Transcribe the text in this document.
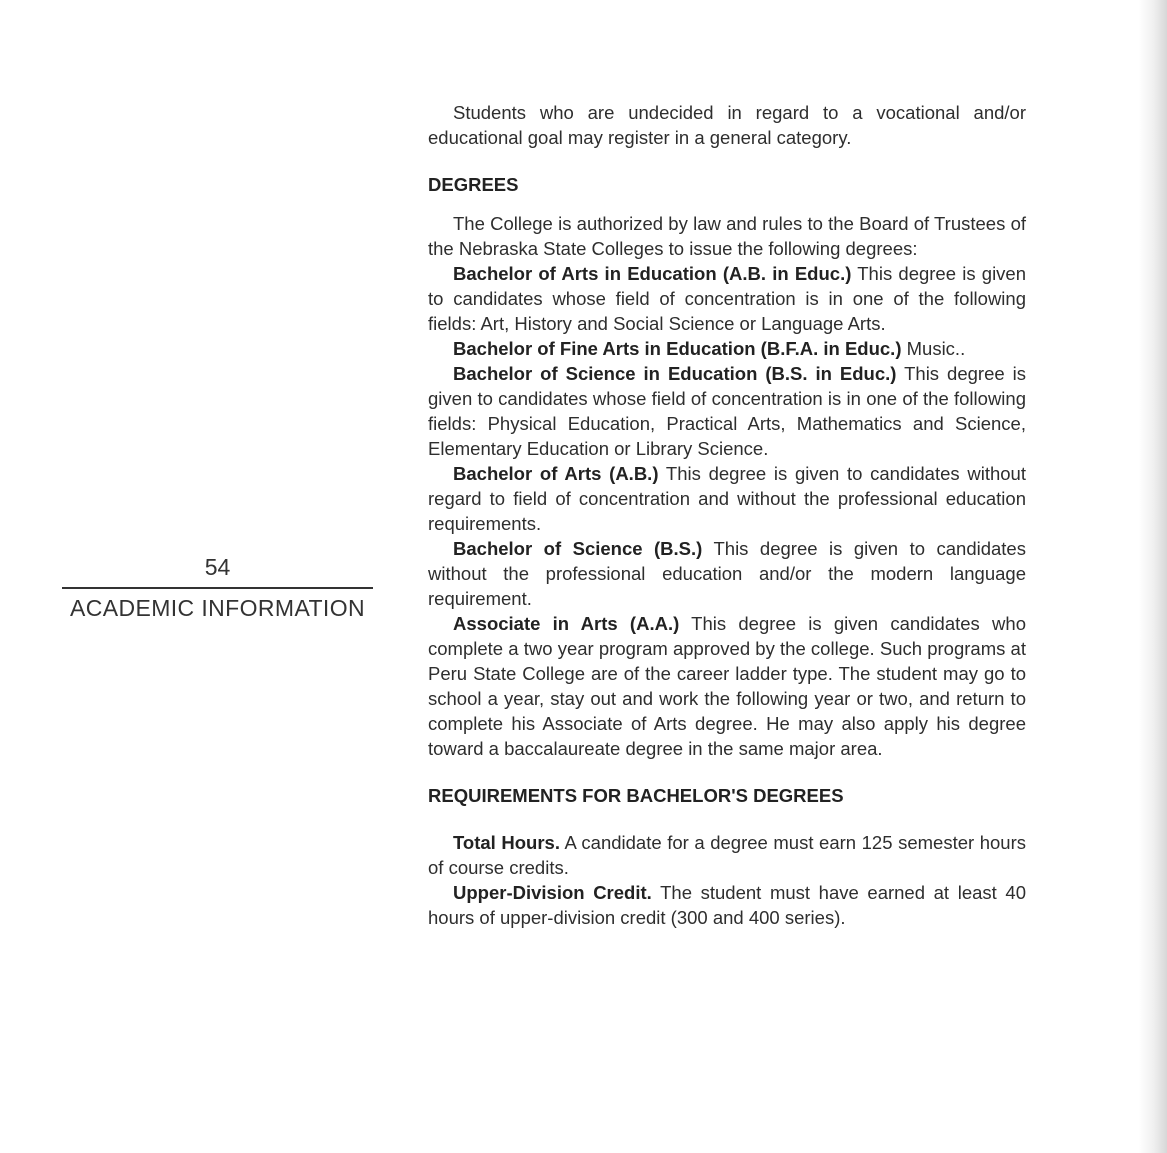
54
ACADEMIC INFORMATION

Students who are undecided in regard to a vocational and/or educational goal may register in a general category.

DEGREES

The College is authorized by law and rules to the Board of Trustees of the Nebraska State Colleges to issue the following degrees:

Bachelor of Arts in Education (A.B. in Educ.) This degree is given to candidates whose field of concentration is in one of the following fields: Art, History and Social Science or Language Arts.

Bachelor of Fine Arts in Education (B.F.A. in Educ.) Music..

Bachelor of Science in Education (B.S. in Educ.) This degree is given to candidates whose field of concentration is in one of the following fields: Physical Education, Practical Arts, Mathematics and Science, Elementary Education or Library Science.

Bachelor of Arts (A.B.) This degree is given to candidates without regard to field of concentration and without the professional education requirements.

Bachelor of Science (B.S.) This degree is given to candidates without the professional education and/or the modern language requirement.

Associate in Arts (A.A.) This degree is given candidates who complete a two year program approved by the college. Such programs at Peru State College are of the career ladder type. The student may go to school a year, stay out and work the following year or two, and return to complete his Associate of Arts degree. He may also apply his degree toward a baccalaureate degree in the same major area.

REQUIREMENTS FOR BACHELOR'S DEGREES

Total Hours. A candidate for a degree must earn 125 semester hours of course credits.

Upper-Division Credit. The student must have earned at least 40 hours of upper-division credit (300 and 400 series).
